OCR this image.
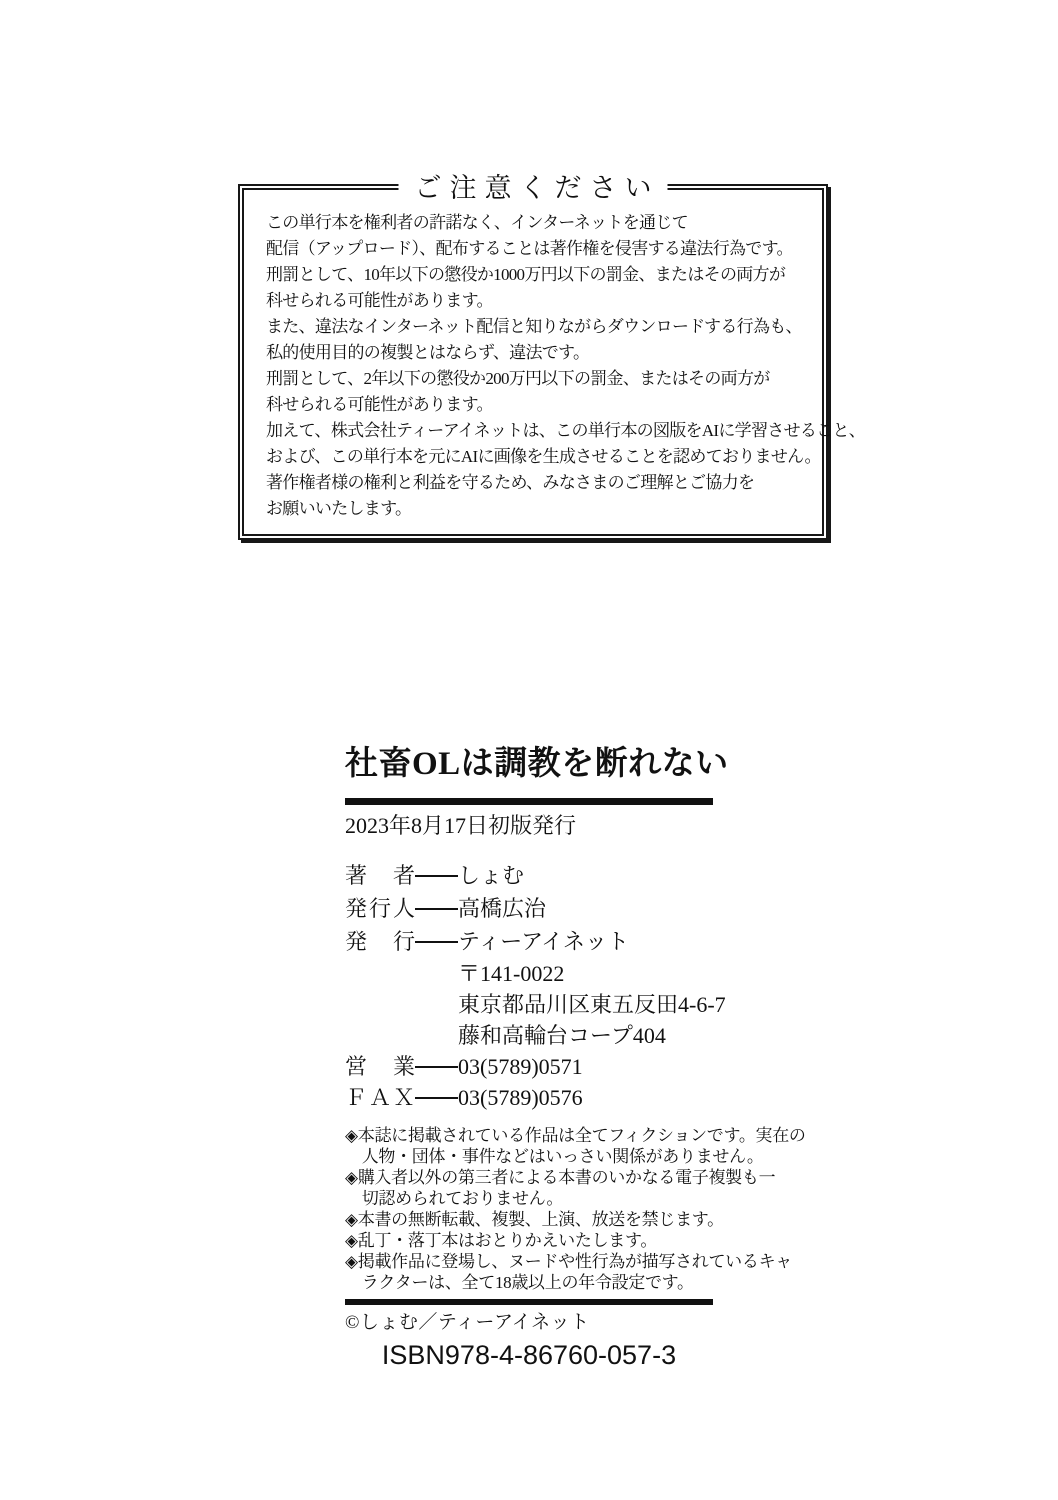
ご注意ください
この単行本を権利者の許諾なく、インターネットを通じて
配信（アップロード）、配布することは著作権を侵害する違法行為です。
刑罰として、10年以下の懲役か1000万円以下の罰金、またはその両方が
科せられる可能性があります。
また、違法なインターネット配信と知りながらダウンロードする行為も、
私的使用目的の複製とはならず、違法です。
刑罰として、2年以下の懲役か200万円以下の罰金、またはその両方が
科せられる可能性があります。
加えて、株式会社ティーアイネットは、この単行本の図版をAIに学習させること、
および、この単行本を元にAIに画像を生成させることを認めておりません。
著作権者様の権利と利益を守るため、みなさまのご理解とご協力を
お願いいたします。
社畜OLは調教を断れない
2023年8月17日初版発行
著　者 しょむ
発行人 高橋広治
発　行 ティーアイネット
〒141-0022
東京都品川区東五反田4-6-7
藤和高輪台コープ404
営　業 03(5789)0571
ＦＡＸ 03(5789)0576
◈本誌に掲載されている作品は全てフィクションです。実在の
　人物・団体・事件などはいっさい関係がありません。
◈購入者以外の第三者による本書のいかなる電子複製も一
　切認められておりません。
◈本書の無断転載、複製、上演、放送を禁じます。
◈乱丁・落丁本はおとりかえいたします。
◈掲載作品に登場し、ヌードや性行為が描写されているキャ
　ラクターは、全て18歳以上の年令設定です。
©しょむ／ティーアイネット
ISBN978-4-86760-057-3
